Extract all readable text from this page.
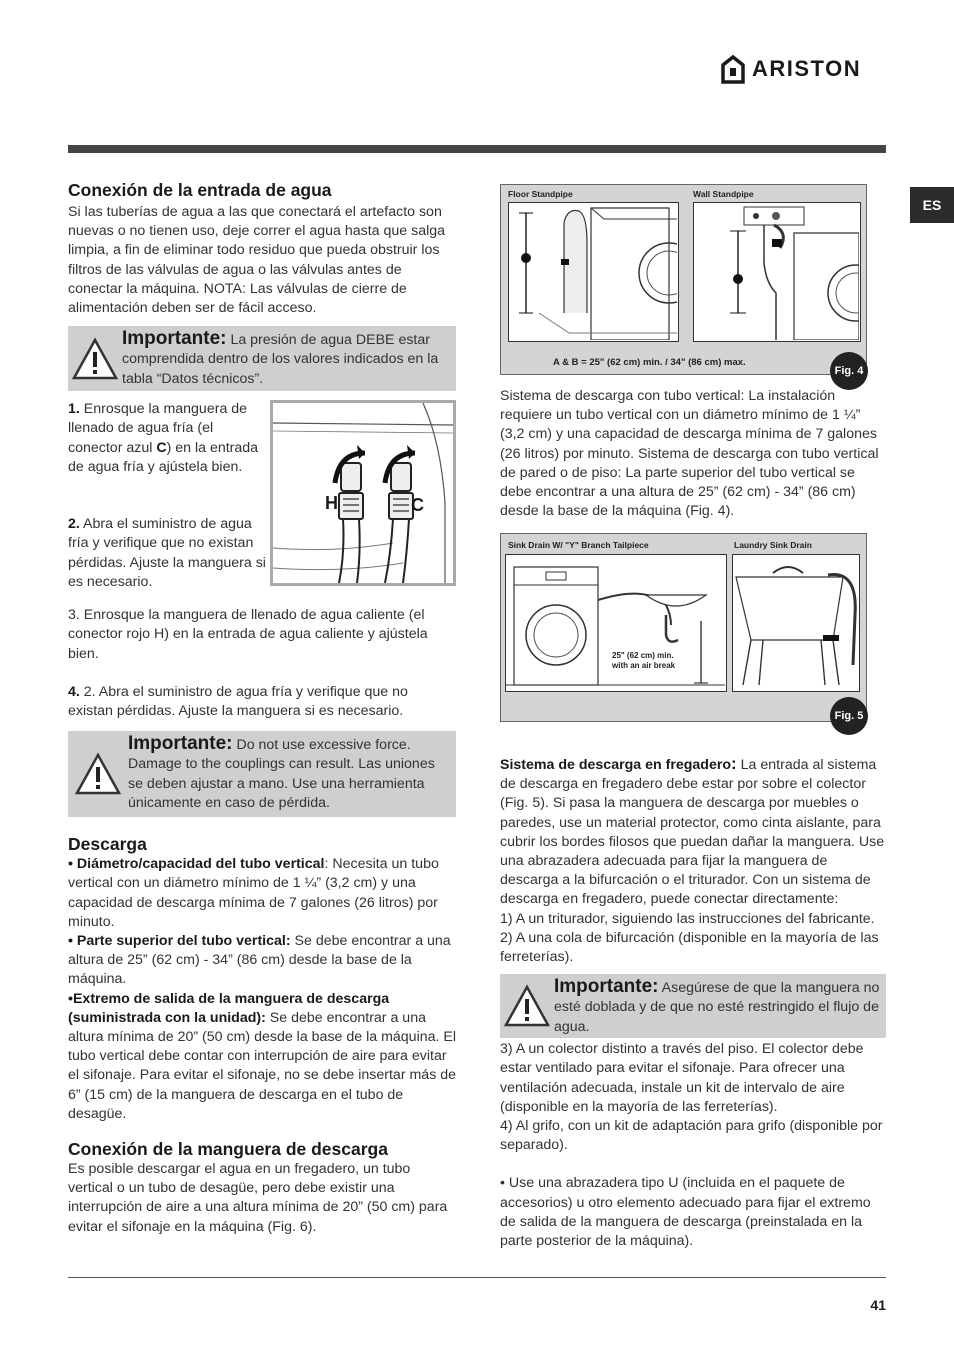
ARISTON
ES
Conexión de la entrada de agua

Si las tuberías de agua a las que conectará el artefacto son nuevas o no tienen uso, deje correr el agua hasta que salga limpia, a fin de eliminar todo residuo que pueda obstruir los filtros de las válvulas de agua o las válvulas antes de conectar la máquina. NOTA: Las válvulas de cierre de alimentación deben ser de fácil acceso.

Importante: La presión de agua DEBE estar comprendida dentro de los valores indicados en la tabla “Datos técnicos”.
1. Enrosque la manguera de llenado de agua fría (el conector azul C) en la entrada de agua fría y ajústela bien.
2. Abra el suministro de agua fría y verifique que no existan pérdidas. Ajuste la manguera si es necesario.
H	C

3. Enrosque la manguera de llenado de agua caliente (el conector rojo H) en la entrada de agua caliente y ajústela bien.

4. 2. Abra el suministro de agua fría y verifique que no existan pérdidas. Ajuste la manguera si es necesario.

Importante: Do not use excessive force. Damage to the couplings can result. Las uniones se deben ajustar a mano. Use una herramienta únicamente en caso de pérdida.
Descarga

• Diámetro/capacidad del tubo vertical: Necesita un tubo vertical con un diámetro mínimo de 1 ¼” (3,2 cm) y una capacidad de descarga mínima de 7 galones (26 litros) por minuto.

• Parte superior del tubo vertical: Se debe encontrar a una altura de 25” (62 cm) - 34” (86 cm) desde la base de la máquina.

•Extremo de salida de la manguera de descarga (suministrada con la unidad): Se debe encontrar a una altura mínima de 20” (50 cm) desde la base de la máquina. El tubo vertical debe contar con interrupción de aire para evitar el sifonaje. Para evitar el sifonaje, no se debe insertar más de 6” (15 cm) de la manguera de descarga en el tubo de desagüe.

Conexión de la manguera de descarga

Es posible descargar el agua en un fregadero, un tubo vertical o un tubo de desagüe, pero debe existir una interrupción de aire a una altura mínima de 20” (50 cm) para evitar el sifonaje en la máquina (Fig. 6).

Floor Standpipe	Wall Standpipe
A & B = 25" (62 cm) min. / 34" (86 cm) max.
Fig. 4

Sistema de descarga con tubo vertical: La instalación requiere un tubo vertical con un diámetro mínimo de 1 ¼” (3,2 cm) y una capacidad de descarga mínima de 7 galones (26 litros) por minuto. Sistema de descarga con tubo vertical de pared o de piso: La parte superior del tubo vertical se debe encontrar a una altura de 25” (62 cm) - 34” (86 cm) desde la base de la máquina (Fig. 4).

Sink Drain W/ "Y" Branch Tailpiece	Laundry Sink Drain
25" (62 cm) min.
with an air break
Fig. 5

Sistema de descarga en fregadero: La entrada al sistema de descarga en fregadero debe estar por sobre el colector (Fig. 5). Si pasa la manguera de descarga por muebles o paredes, use un material protector, como cinta aislante, para cubrir los bordes filosos que puedan dañar la manguera. Use una abrazadera adecuada para fijar la manguera de descarga a la bifurcación o el triturador. Con un sistema de descarga en fregadero, puede conectar directamente:

1) A un triturador, siguiendo las instrucciones del fabricante.

2) A una cola de bifurcación (disponible en la mayoría de las ferreterías).

Importante: Asegúrese de que la manguera no esté doblada y de que no esté restringido el flujo de agua.

3) A un colector distinto a través del piso. El colector debe estar ventilado para evitar el sifonaje. Para ofrecer una ventilación adecuada, instale un kit de intervalo de aire (disponible en la mayoría de las ferreterías).

4) Al grifo, con un kit de adaptación para grifo (disponible por separado).

• Use una abrazadera tipo U (incluida en el paquete de accesorios) u otro elemento adecuado para fijar el extremo de salida de la manguera de descarga (preinstalada en la parte posterior de la máquina).

41
